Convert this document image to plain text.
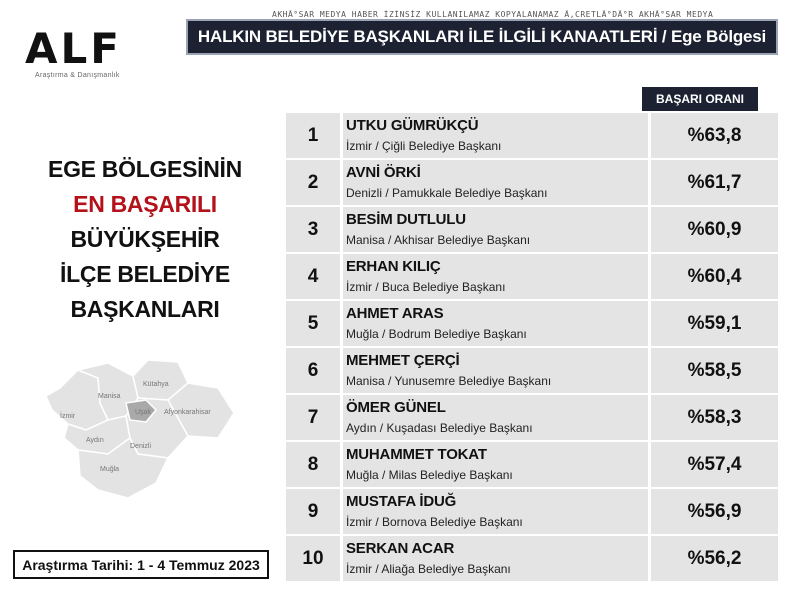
AKHÃ°SAR MEDYA HABER İZİNSİZ KULLANILAMAZ KOPYALANAMAZ Ã‚CRETLÃ°DÃ°R AKHÃ°SAR MEDYA
ALF
Araştırma & Danışmanlık
HALKIN BELEDİYE BAŞKANLARI İLE İLGİLİ KANAATLERİ / Ege Bölgesi
EGE BÖLGESİNİN
EN BAŞARILI
BÜYÜKŞEHİR
İLÇE BELEDİYE
BAŞKANLARI
Manisa
Kütahya
İzmir
Uşak Afyonkarahisar
Aydın
Denizli
Muğla
Araştırma Tarihi: 1 - 4 Temmuz 2023
BAŞARI ORANI
1	UTKU GÜMRÜKÇÜ
İzmir / Çiğli Belediye Başkanı
%63,8
2	AVNİ ÖRKİ
Denizli / Pamukkale Belediye Başkanı
%61,7
3	BESİM DUTLULU
Manisa / Akhisar Belediye Başkanı
%60,9
4	ERHAN KILIÇ
İzmir / Buca Belediye Başkanı
%60,4
5	AHMET ARAS
Muğla / Bodrum Belediye Başkanı
%59,1
6	MEHMET ÇERÇİ
Manisa / Yunusemre Belediye Başkanı
%58,5
7	ÖMER GÜNEL
Aydın / Kuşadası Belediye Başkanı
%58,3
8	MUHAMMET TOKAT
Muğla / Milas Belediye Başkanı
%57,4
9	MUSTAFA İDUĞ
İzmir / Bornova Belediye Başkanı
%56,9
10	SERKAN ACAR
İzmir / Aliağa Belediye Başkanı
%56,2
